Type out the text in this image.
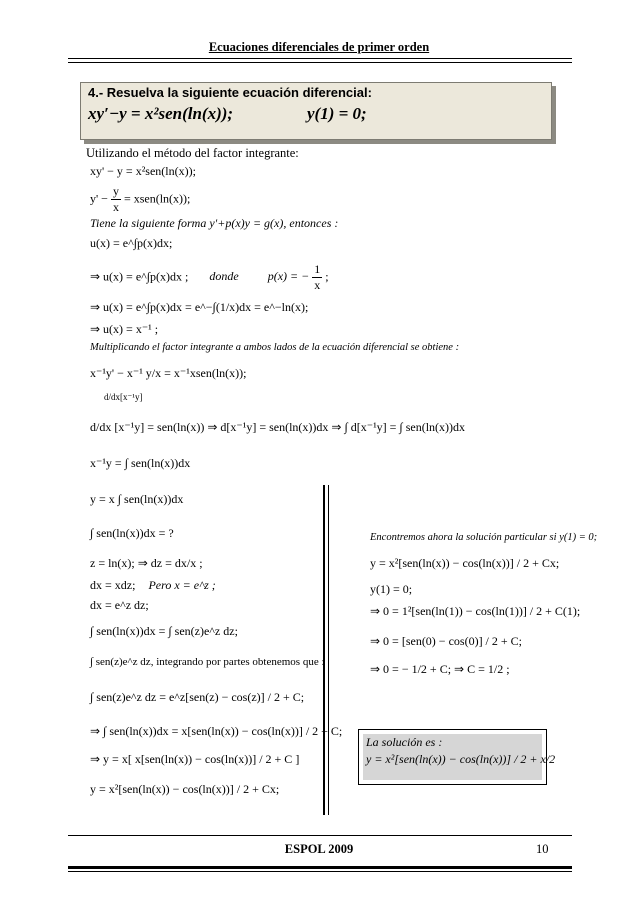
Ecuaciones diferenciales de primer orden
4.- Resuelva la siguiente ecuación diferencial:
xy′−y = x²sen(ln(x));	y(1) = 0;
Utilizando el método del factor integrante:
xy' − y = x²sen(ln(x));
$y' - \frac{y}{x}$ = xsen(ln(x));
Tiene la siguiente forma y'+p(x)y = g(x), entonces :
u(x) = e^∫p(x)dx;
⇒ u(x) = e^∫p(x)dx ; donde p(x) = − $\frac{1}{x}$ ;
⇒ u(x) = e^∫p(x)dx = e^−∫(1/x)dx = e^−ln(x);
⇒ u(x) = x⁻¹ ;
Multiplicando el factor integrante a ambos lados de la ecuación diferencial se obtiene :
x⁻¹y' − x⁻¹ y/x = x⁻¹xsen(ln(x));
d/dx[x⁻¹y]
d/dx [x⁻¹y] = sen(ln(x)) ⇒ d[x⁻¹y] = sen(ln(x))dx ⇒ ∫ d[x⁻¹y] = ∫ sen(ln(x))dx
x⁻¹y = ∫ sen(ln(x))dx
y = x ∫ sen(ln(x))dx
∫ sen(ln(x))dx = ?
z = ln(x); ⇒ dz = dx/x ;
dx = xdz; Pero x = e^z ;
dx = e^z dz;
∫ sen(ln(x))dx = ∫ sen(z)e^z dz;
∫ sen(z)e^z dz, integrando por partes obtenemos que :
∫ sen(z)e^z dz = e^z[sen(z) − cos(z)] / 2 + C;
⇒ ∫ sen(ln(x))dx = x[sen(ln(x)) − cos(ln(x))] / 2 + C;
⇒ y = x[ x[sen(ln(x)) − cos(ln(x))] / 2 + C ]
y = x²[sen(ln(x)) − cos(ln(x))] / 2 + Cx;
Encontremos ahora la solución particular si y(1) = 0;
y = x²[sen(ln(x)) − cos(ln(x))] / 2 + Cx;
y(1) = 0;
⇒ 0 = 1²[sen(ln(1)) − cos(ln(1))] / 2 + C(1);
⇒ 0 = [sen(0) − cos(0)] / 2 + C;
⇒ 0 = − 1/2 + C; ⇒ C = 1/2 ;
La solución es :
y = x²[sen(ln(x)) − cos(ln(x))] / 2 + x/2
ESPOL 2009	10
